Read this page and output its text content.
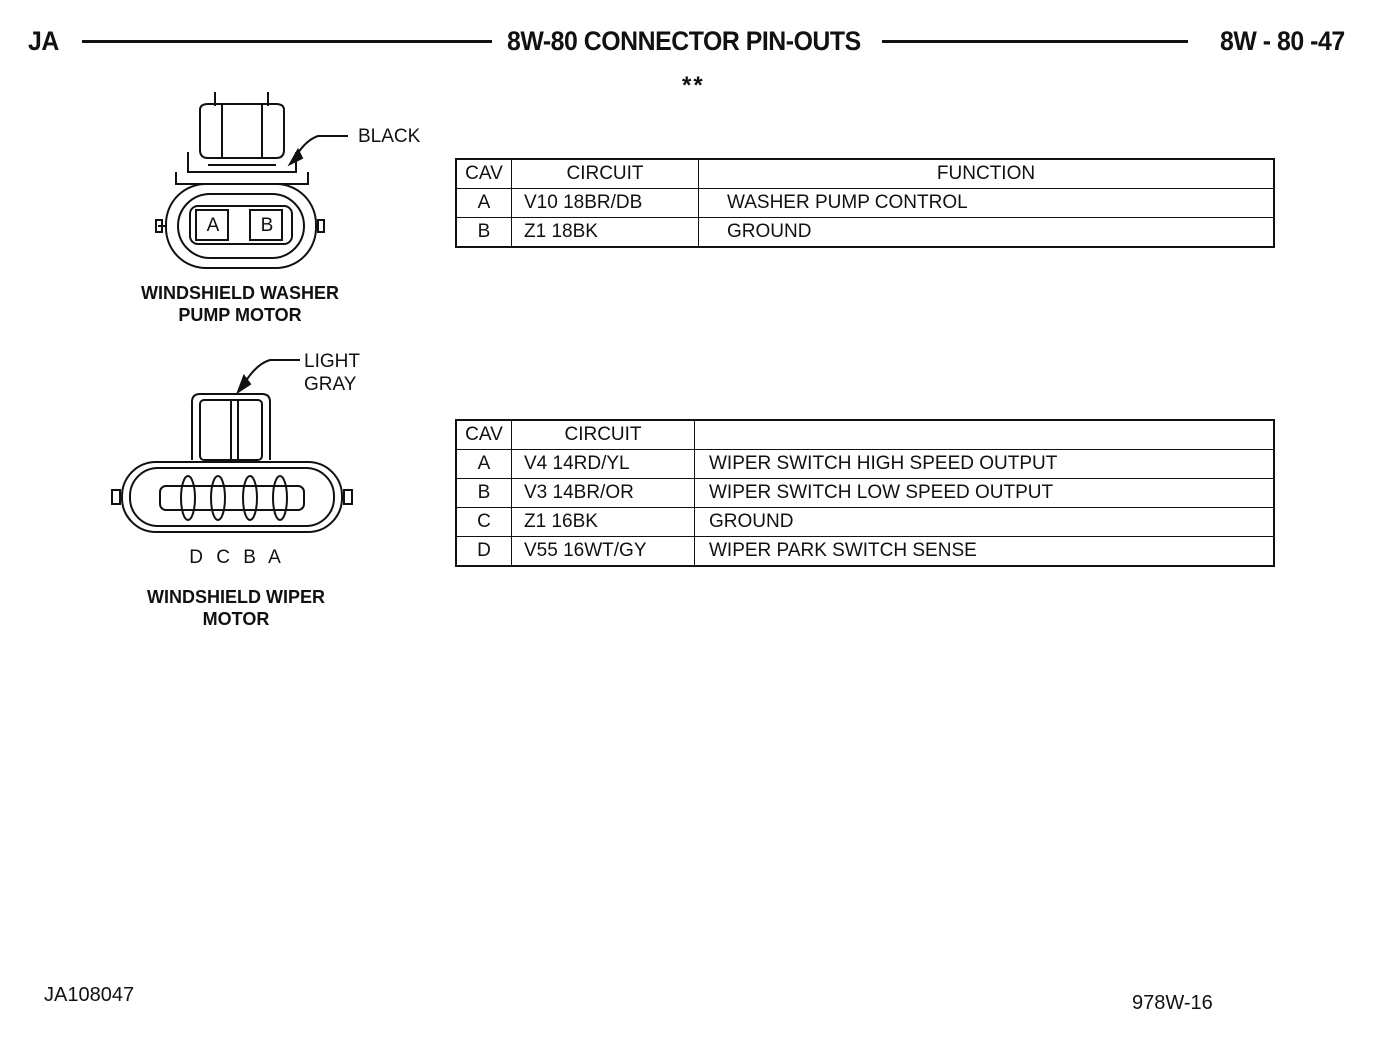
JA	8W-80 CONNECTOR PIN-OUTS	8W - 80 -47
**
BLACK
A B
WINDSHIELD WASHER
PUMP MOTOR
CAV	CIRCUIT	FUNCTION
A	V10 18BR/DB	WASHER PUMP CONTROL
B	Z1 18BK	GROUND
LIGHT
GRAY
D C B A
WINDSHIELD WIPER
MOTOR
CAV	CIRCUIT	
A	V4 14RD/YL	WIPER SWITCH HIGH SPEED OUTPUT
B	V3 14BR/OR	WIPER SWITCH LOW SPEED OUTPUT
C	Z1 16BK	GROUND
D	V55 16WT/GY	WIPER PARK SWITCH SENSE
JA108047	978W-16
